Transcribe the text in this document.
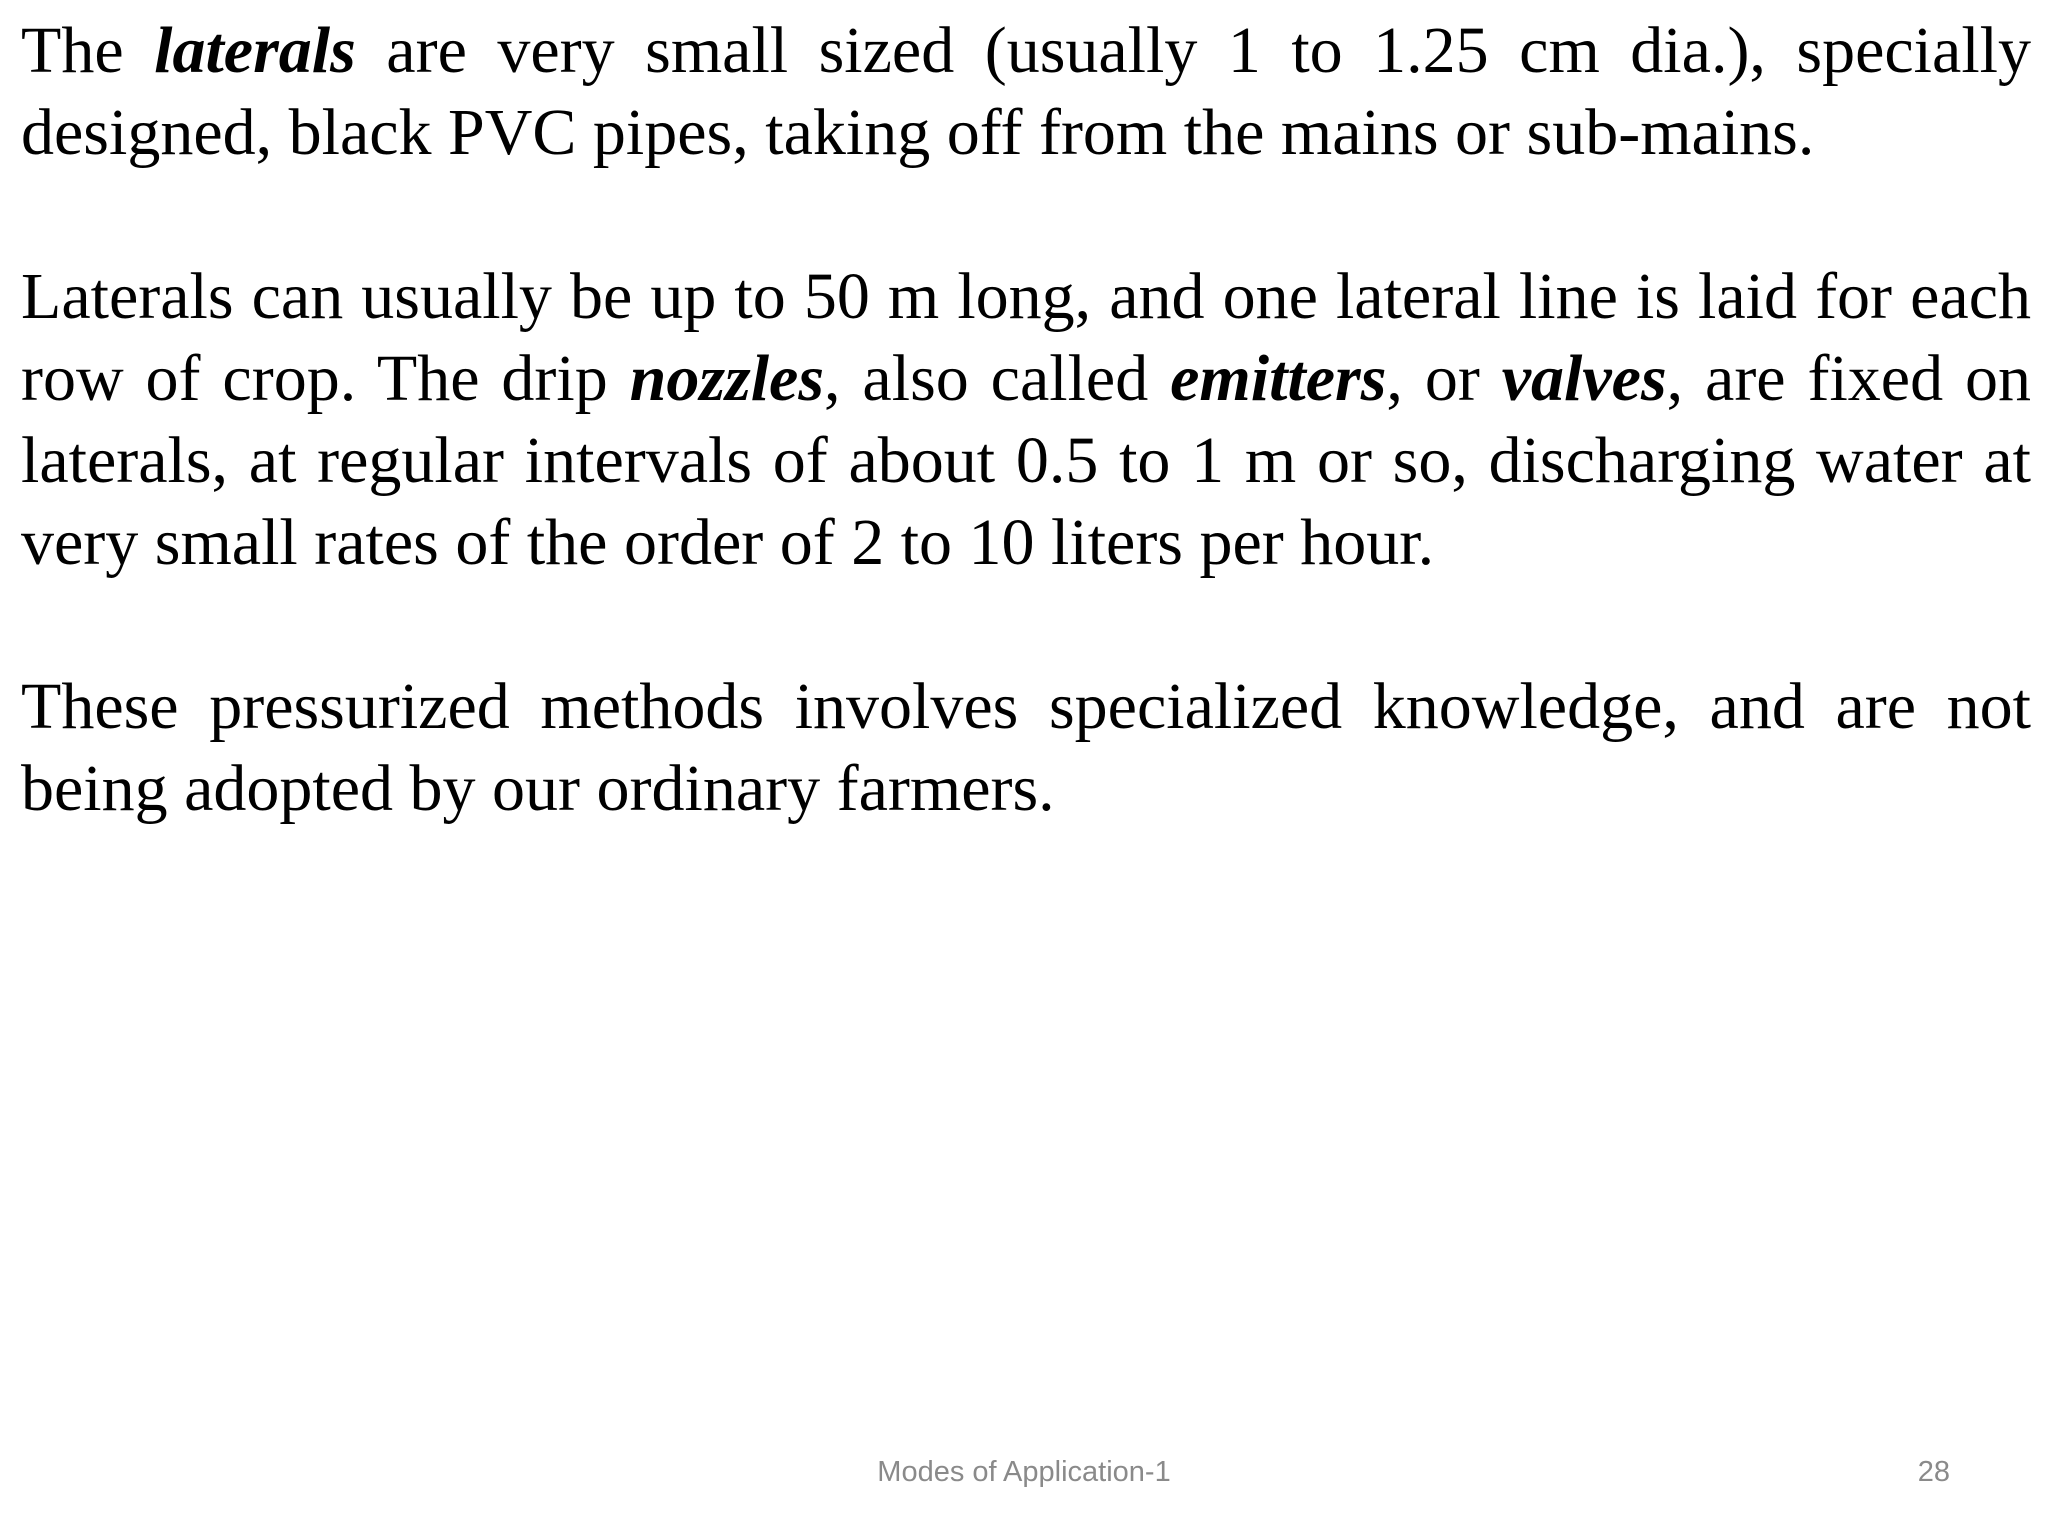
The laterals are very small sized (usually 1 to 1.25 cm dia.), specially designed, black PVC pipes, taking off from the mains or sub-mains.

Laterals can usually be up to 50 m long, and one lateral line is laid for each row of crop. The drip nozzles, also called emitters, or valves, are fixed on laterals, at regular intervals of about 0.5 to 1 m or so, discharging water at very small rates of the order of 2 to 10 liters per hour.

These pressurized methods involves specialized knowledge, and are not being adopted by our ordinary farmers.

Modes of Application-1	28
